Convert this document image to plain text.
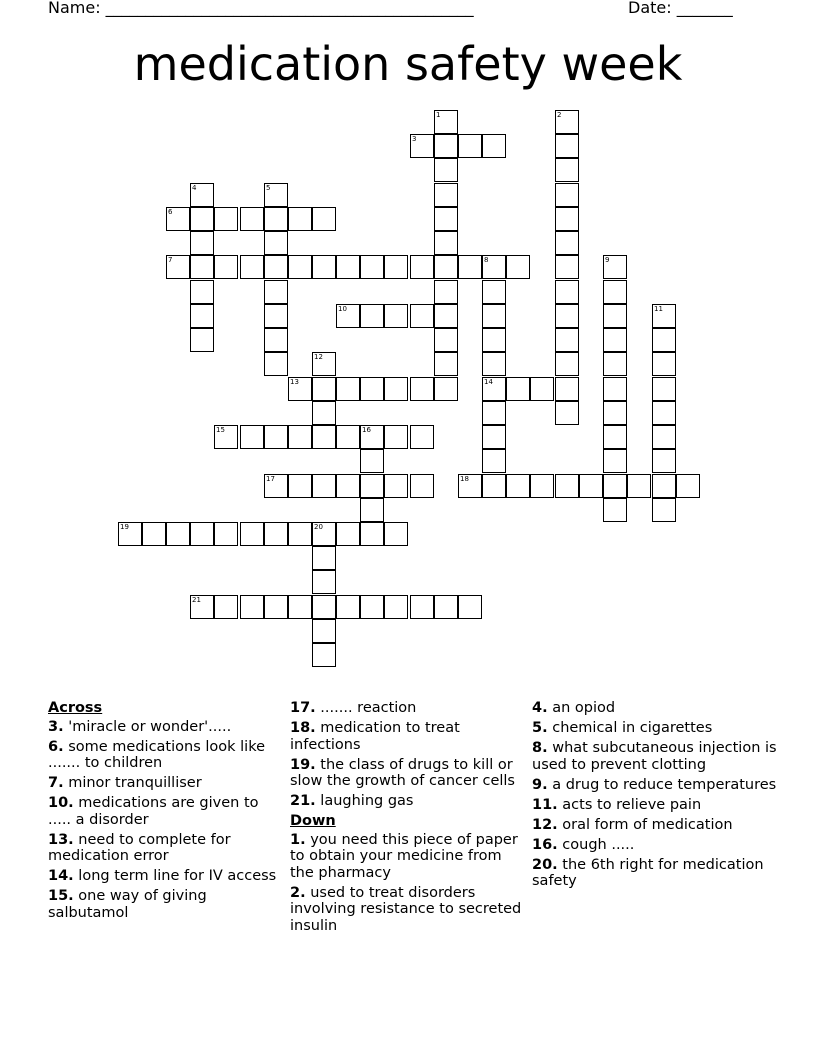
Name: ______________________________________________	Date: _______
medication safety week
1	2
3
4	5
6
7	8	9
10	11
12
13	14
15	16
17	18
19	20
21
Across
3. 'miracle or wonder'.....
6. some medications look like ....... to children
7. minor tranquilliser
10. medications are given to ..... a disorder
13. need to complete for medication error
14. long term line for IV access
15. one way of giving salbutamol
17. ....... reaction
18. medication to treat infections
19. the class of drugs to kill or slow the growth of cancer cells
21. laughing gas
Down
1. you need this piece of paper to obtain your medicine from the pharmacy
2. used to treat disorders involving resistance to secreted insulin
4. an opiod
5. chemical in cigarettes
8. what subcutaneous injection is used to prevent clotting
9. a drug to reduce temperatures
11. acts to relieve pain
12. oral form of medication
16. cough .....
20. the 6th right for medication safety
